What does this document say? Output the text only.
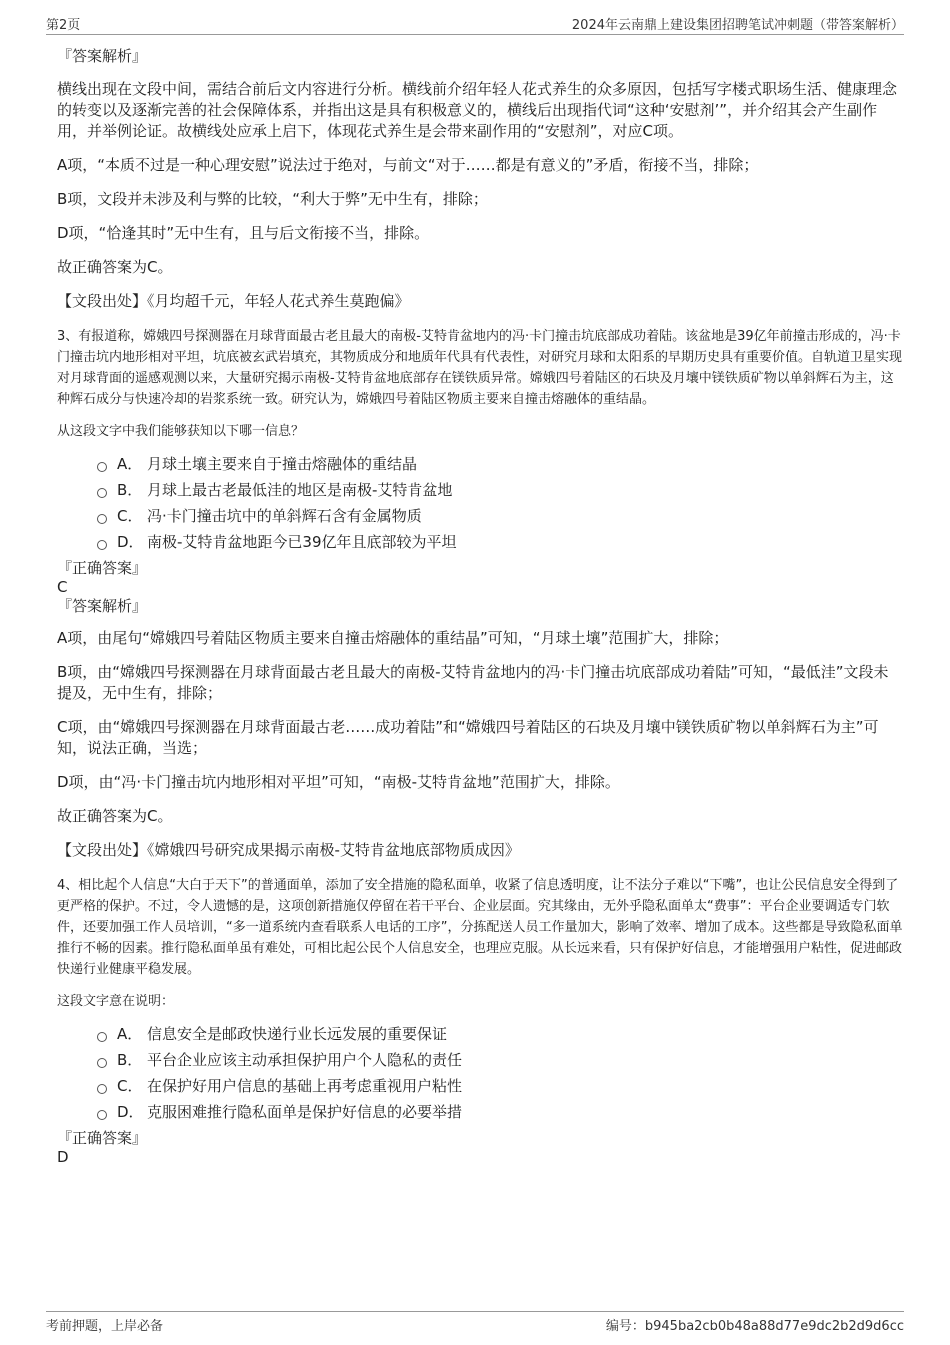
第2页	2024年云南鼎上建设集团招聘笔试冲刺题（带答案解析）

『答案解析』

横线出现在文段中间，需结合前后文内容进行分析。横线前介绍年轻人花式养生的众多原因，包括写字楼式职场生活、健康理念的转变以及逐渐完善的社会保障体系，并指出这是具有积极意义的，横线后出现指代词“这种‘安慰剂’”，并介绍其会产生副作用，并举例论证。故横线处应承上启下，体现花式养生是会带来副作用的“安慰剂”，对应C项。

A项，“本质不过是一种心理安慰”说法过于绝对，与前文“对于……都是有意义的”矛盾，衔接不当，排除；

B项，文段并未涉及利与弊的比较，“利大于弊”无中生有，排除；

D项，“恰逢其时”无中生有，且与后文衔接不当，排除。

故正确答案为C。

【文段出处】《月均超千元，年轻人花式养生莫跑偏》

3、有报道称，嫦娥四号探测器在月球背面最古老且最大的南极-艾特肯盆地内的冯·卡门撞击坑底部成功着陆。该盆地是39亿年前撞击形成的，冯·卡门撞击坑内地形相对平坦，坑底被玄武岩填充，其物质成分和地质年代具有代表性，对研究月球和太阳系的早期历史具有重要价值。自轨道卫星实现对月球背面的遥感观测以来，大量研究揭示南极-艾特肯盆地底部存在镁铁质异常。嫦娥四号着陆区的石块及月壤中镁铁质矿物以单斜辉石为主，这种辉石成分与快速冷却的岩浆系统一致。研究认为，嫦娥四号着陆区物质主要来自撞击熔融体的重结晶。

从这段文字中我们能够获知以下哪一信息？

A． 月球土壤主要来自于撞击熔融体的重结晶
B． 月球上最古老最低洼的地区是南极-艾特肯盆地
C． 冯·卡门撞击坑中的单斜辉石含有金属物质
D． 南极-艾特肯盆地距今已39亿年且底部较为平坦

『正确答案』

C

『答案解析』

A项，由尾句“嫦娥四号着陆区物质主要来自撞击熔融体的重结晶”可知，“月球土壤”范围扩大，排除；

B项，由“嫦娥四号探测器在月球背面最古老且最大的南极-艾特肯盆地内的冯·卡门撞击坑底部成功着陆”可知，“最低洼”文段未提及，无中生有，排除；

C项，由“嫦娥四号探测器在月球背面最古老……成功着陆”和“嫦娥四号着陆区的石块及月壤中镁铁质矿物以单斜辉石为主”可知，说法正确，当选；

D项，由“冯·卡门撞击坑内地形相对平坦”可知，“南极-艾特肯盆地”范围扩大，排除。

故正确答案为C。

【文段出处】《嫦娥四号研究成果揭示南极-艾特肯盆地底部物质成因》

4、相比起个人信息“大白于天下”的普通面单，添加了安全措施的隐私面单，收紧了信息透明度，让不法分子难以“下嘴”，也让公民信息安全得到了更严格的保护。不过，令人遗憾的是，这项创新措施仅停留在若干平台、企业层面。究其缘由，无外乎隐私面单太“费事”：平台企业要调适专门软件，还要加强工作人员培训，“多一道系统内查看联系人电话的工序”，分拣配送人员工作量加大，影响了效率、增加了成本。这些都是导致隐私面单推行不畅的因素。推行隐私面单虽有难处，可相比起公民个人信息安全，也理应克服。从长远来看，只有保护好信息，才能增强用户粘性，促进邮政快递行业健康平稳发展。

这段文字意在说明：

A． 信息安全是邮政快递行业长远发展的重要保证
B． 平台企业应该主动承担保护用户个人隐私的责任
C． 在保护好用户信息的基础上再考虑重视用户粘性
D． 克服困难推行隐私面单是保护好信息的必要举措

『正确答案』

D

考前押题，上岸必备	编号：b945ba2cb0b48a88d77e9dc2b2d9d6cc
